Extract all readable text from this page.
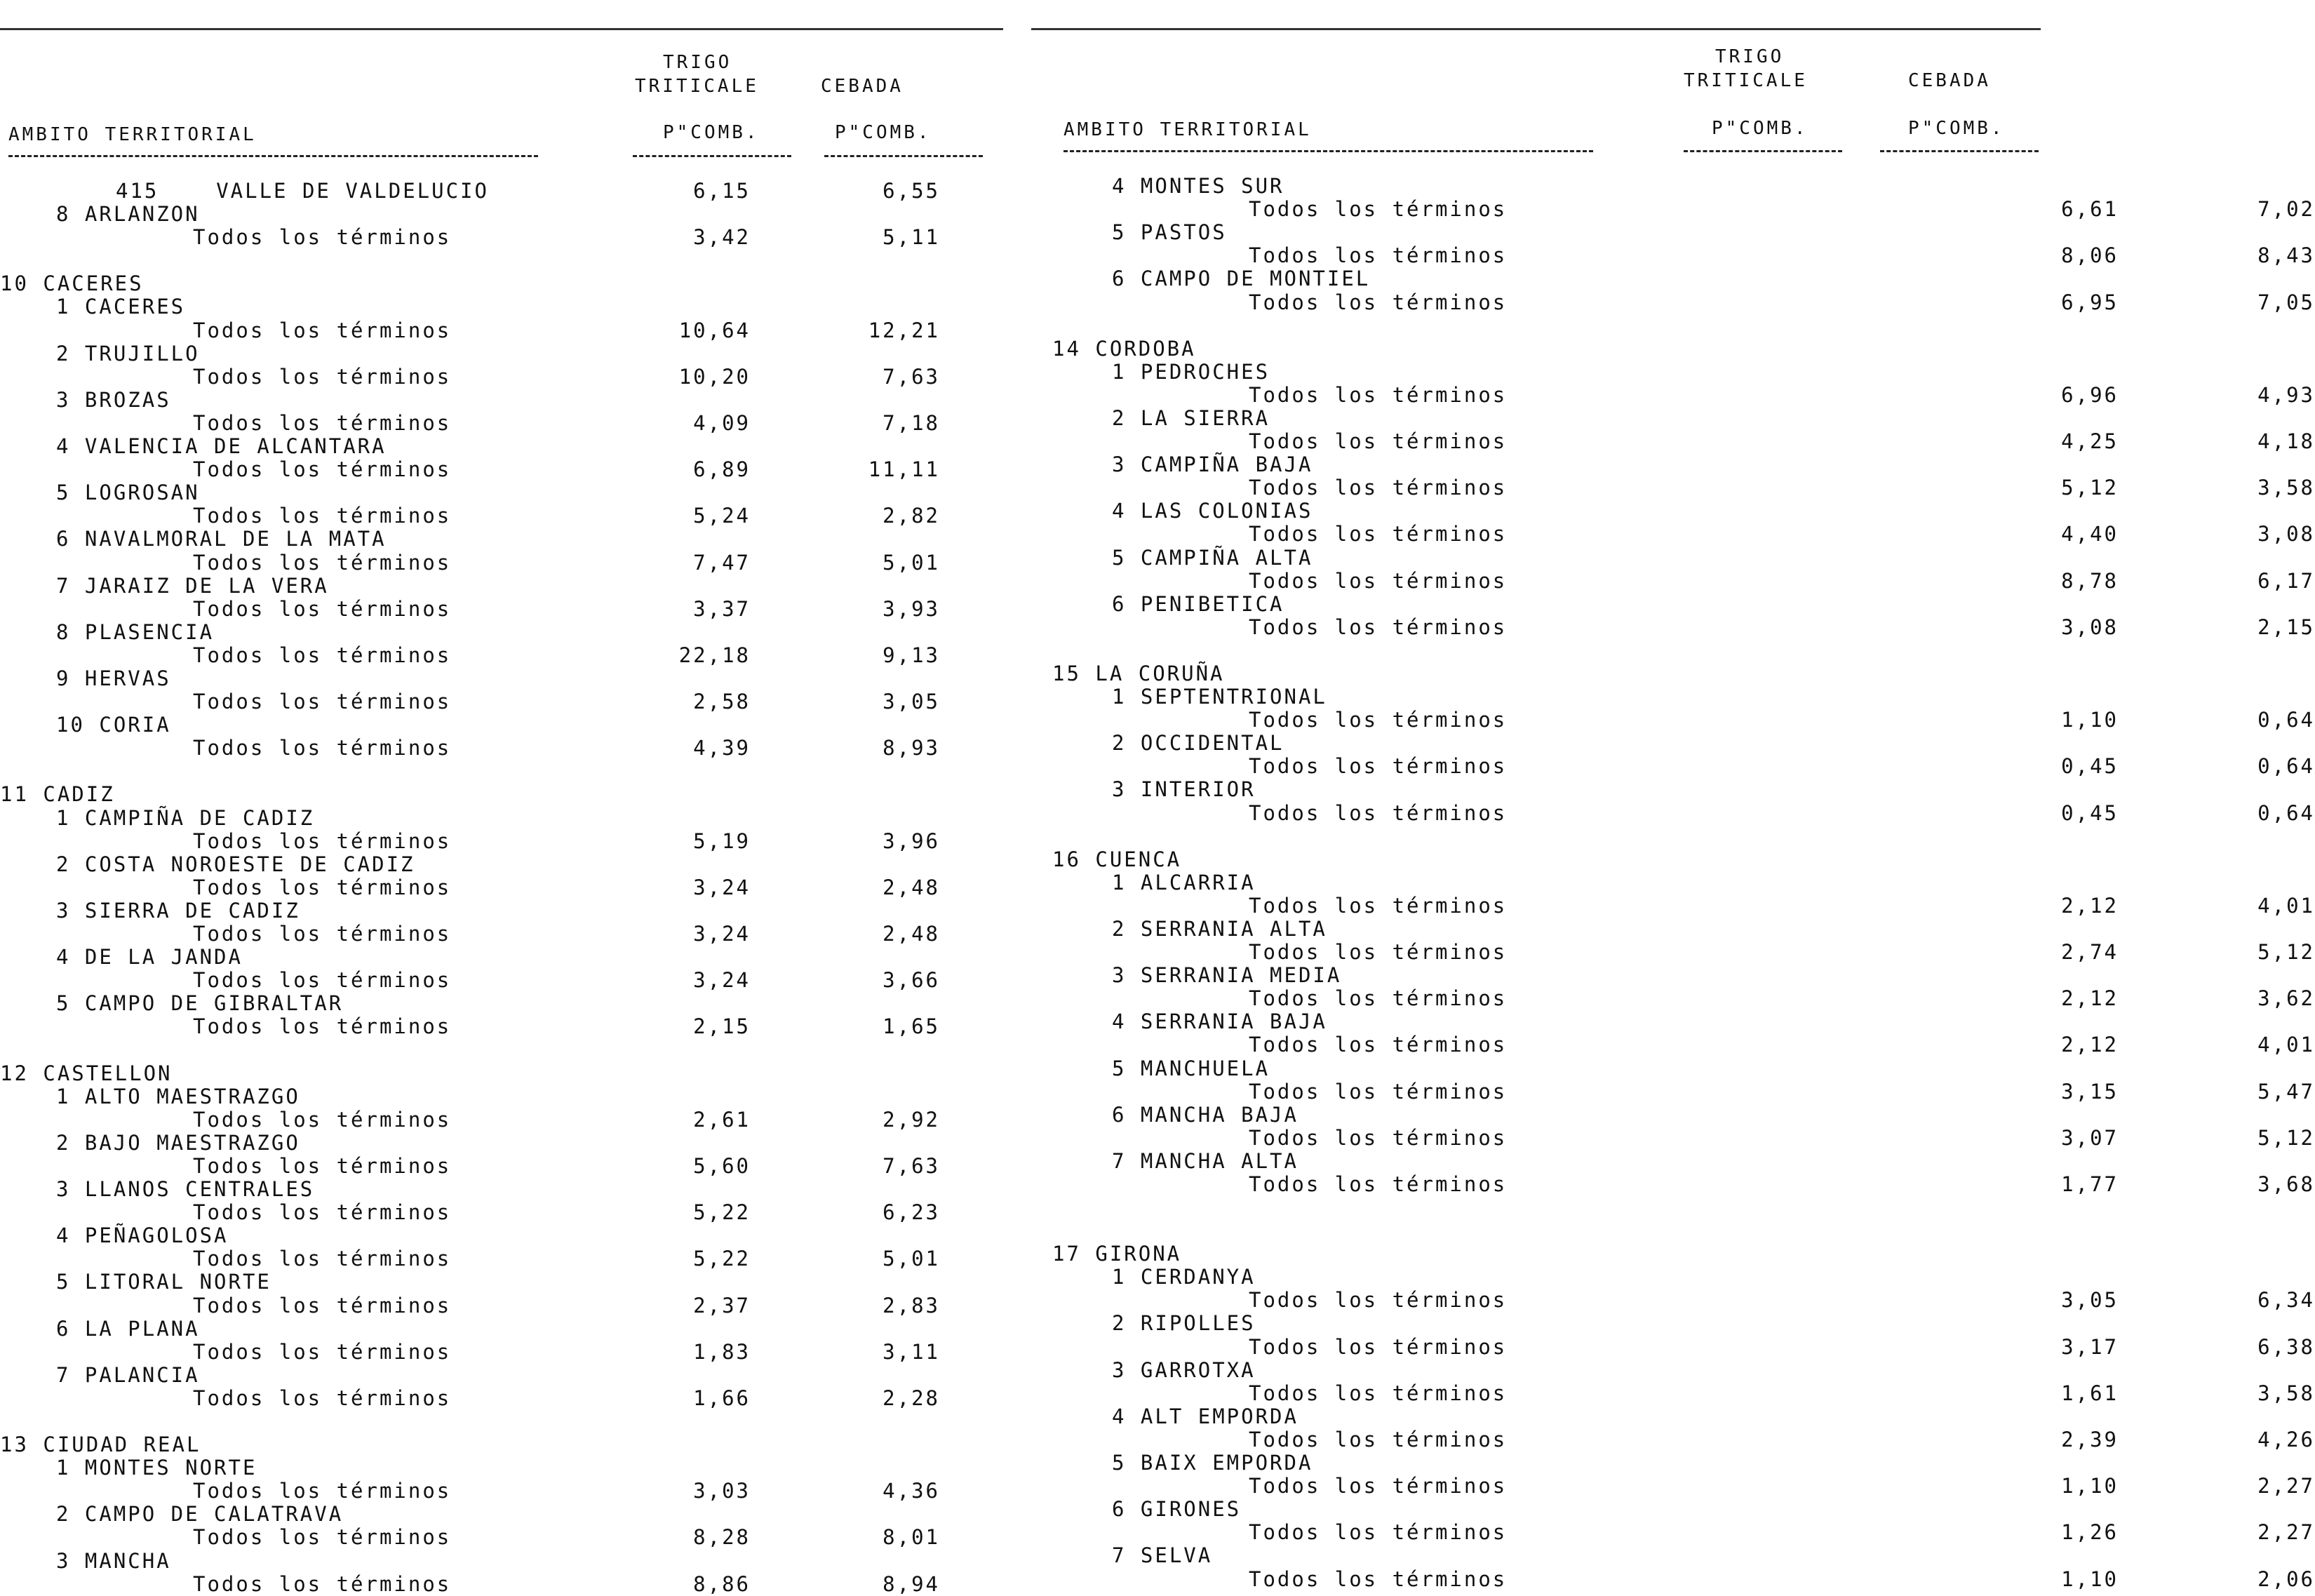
TRIGO
TRITICALE	CEBADA
AMBITO TERRITORIAL	P"COMB.	P"COMB.
415    VALLE DE VALDELUCIO	6,15	6,55
8 ARLANZON
Todos los términos	3,42	5,11
10 CACERES
1 CACERES
Todos los términos	10,64	12,21
2 TRUJILLO
Todos los términos	10,20	7,63
3 BROZAS
Todos los términos	4,09	7,18
4 VALENCIA DE ALCANTARA
Todos los términos	6,89	11,11
5 LOGROSAN
Todos los términos	5,24	2,82
6 NAVALMORAL DE LA MATA
Todos los términos	7,47	5,01
7 JARAIZ DE LA VERA
Todos los términos	3,37	3,93
8 PLASENCIA
Todos los términos	22,18	9,13
9 HERVAS
Todos los términos	2,58	3,05
10 CORIA
Todos los términos	4,39	8,93
11 CADIZ
1 CAMPIÑA DE CADIZ
Todos los términos	5,19	3,96
2 COSTA NOROESTE DE CADIZ
Todos los términos	3,24	2,48
3 SIERRA DE CADIZ
Todos los términos	3,24	2,48
4 DE LA JANDA
Todos los términos	3,24	3,66
5 CAMPO DE GIBRALTAR
Todos los términos	2,15	1,65
12 CASTELLON
1 ALTO MAESTRAZGO
Todos los términos	2,61	2,92
2 BAJO MAESTRAZGO
Todos los términos	5,60	7,63
3 LLANOS CENTRALES
Todos los términos	5,22	6,23
4 PEÑAGOLOSA
Todos los términos	5,22	5,01
5 LITORAL NORTE
Todos los términos	2,37	2,83
6 LA PLANA
Todos los términos	1,83	3,11
7 PALANCIA
Todos los términos	1,66	2,28
13 CIUDAD REAL
1 MONTES NORTE
Todos los términos	3,03	4,36
2 CAMPO DE CALATRAVA
Todos los términos	8,28	8,01
3 MANCHA
Todos los términos	8,86	8,94
TRIGO
TRITICALE	CEBADA
AMBITO TERRITORIAL	P"COMB.	P"COMB.
4 MONTES SUR
Todos los términos	6,61	7,02
5 PASTOS
Todos los términos	8,06	8,43
6 CAMPO DE MONTIEL
Todos los términos	6,95	7,05
14 CORDOBA
1 PEDROCHES
Todos los términos	6,96	4,93
2 LA SIERRA
Todos los términos	4,25	4,18
3 CAMPIÑA BAJA
Todos los términos	5,12	3,58
4 LAS COLONIAS
Todos los términos	4,40	3,08
5 CAMPIÑA ALTA
Todos los términos	8,78	6,17
6 PENIBETICA
Todos los términos	3,08	2,15
15 LA CORUÑA
1 SEPTENTRIONAL
Todos los términos	1,10	0,64
2 OCCIDENTAL
Todos los términos	0,45	0,64
3 INTERIOR
Todos los términos	0,45	0,64
16 CUENCA
1 ALCARRIA
Todos los términos	2,12	4,01
2 SERRANIA ALTA
Todos los términos	2,74	5,12
3 SERRANIA MEDIA
Todos los términos	2,12	3,62
4 SERRANIA BAJA
Todos los términos	2,12	4,01
5 MANCHUELA
Todos los términos	3,15	5,47
6 MANCHA BAJA
Todos los términos	3,07	5,12
7 MANCHA ALTA
Todos los términos	1,77	3,68
17 GIRONA
1 CERDANYA
Todos los términos	3,05	6,34
2 RIPOLLES
Todos los términos	3,17	6,38
3 GARROTXA
Todos los términos	1,61	3,58
4 ALT EMPORDA
Todos los términos	2,39	4,26
5 BAIX EMPORDA
Todos los términos	1,10	2,27
6 GIRONES
Todos los términos	1,26	2,27
7 SELVA
Todos los términos	1,10	2,06
